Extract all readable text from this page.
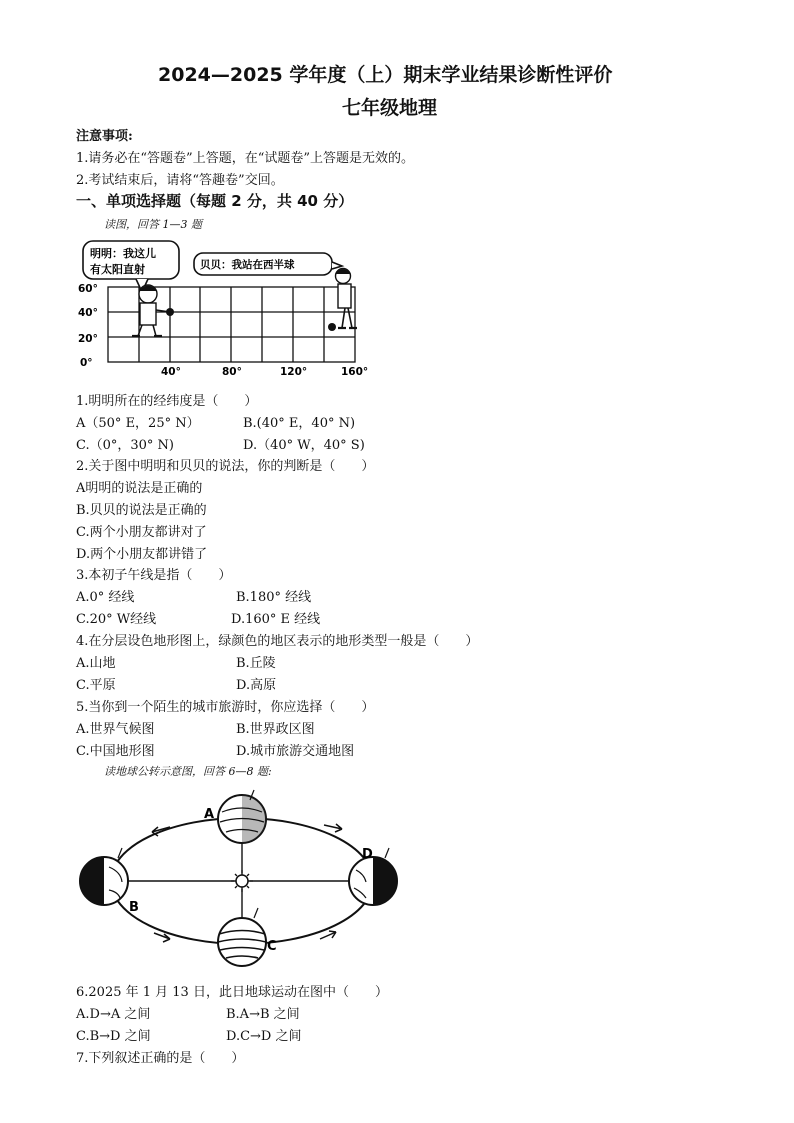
2024—2025 学年度（上）期末学业结果诊断性评价
七年级地理
注意事项:
1.请务必在“答题卷”上答题，在“试题卷”上答题是无效的。
2.考试结束后，请将“答趣卷”交回。
一、单项选择题（每题 2 分，共 40 分）
读图，回答 1—3 题
明明：我这儿
有太阳直射	贝贝：我站在西半球
60°
40°
20°
0°
40°	80°	120°	160°
1.明明所在的经纬度是（　　）
A（50° E，25° N）	B.(40° E，40° N)
C.（0°，30° N)	D.（40° W，40° S)
2.关于图中明明和贝贝的说法，你的判断是（　　）
A明明的说法是正确的
B.贝贝的说法是正确的
C.两个小朋友都讲对了
D.两个小朋友都讲错了
3.本初子午线是指（　　）
A.0° 经线	B.180° 经线
C.20° W经线	D.160° E 经线
4.在分层设色地形图上，绿颜色的地区表示的地形类型一般是（　　）
A.山地	B.丘陵
C.平原	D.高原
5.当你到一个陌生的城市旅游时，你应选择（　　）
A.世界气候图	B.世界政区图
C.中国地形图	D.城市旅游交通地图
读地球公转示意图，回答 6—8 题:
A
B
C
D
6.2025 年 1 月 13 日，此日地球运动在图中（　　）
A.D→A 之间	B.A→B 之间
C.B→D 之间	D.C→D 之间
7.下列叙述正确的是（　　）
